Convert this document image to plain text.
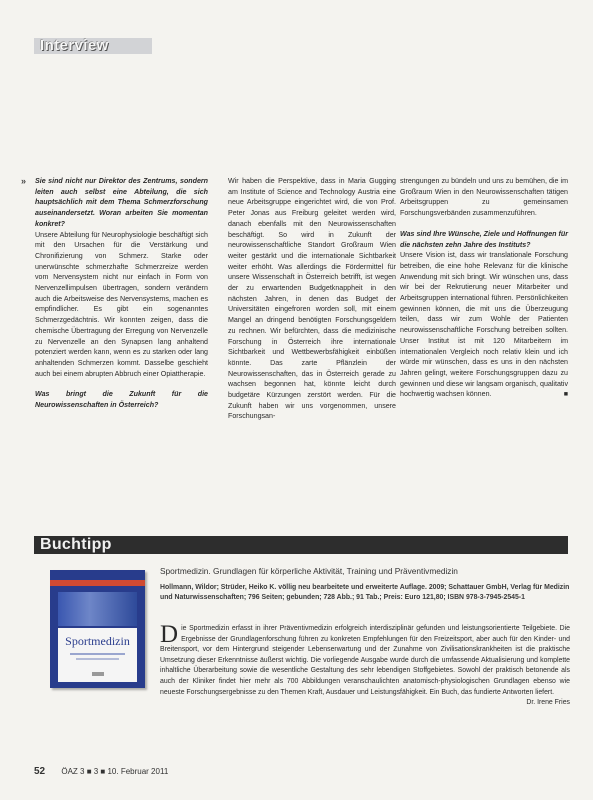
Interview
» Sie sind nicht nur Direktor des Zentrums, sondern leiten auch selbst eine Abteilung, die sich hauptsächlich mit dem Thema Schmerzforschung auseinandersetzt. Woran arbeiten Sie momentan konkret?

Unsere Abteilung für Neurophysiologie beschäftigt sich mit den Ursachen für die Verstärkung und Chronifizierung von Schmerz. Starke oder unerwünschte schmerzhafte Schmerzreize werden vom Nervensystem nicht nur einfach in Form von Nervenzellimpulsen übertragen, sondern verändern auch die Arbeitsweise des Nervensystems, machen es empfindlicher. Es gibt ein sogenanntes Schmerzgedächtnis. Wir konnten zeigen, dass die chemische Übertragung der Erregung von Nervenzelle zu Nervenzelle an den Synapsen lang anhaltend potenziert werden kann, wenn es zu starken oder lang anhaltenden Schmerzen kommt. Dasselbe geschieht auch bei einem abrupten Abbruch einer Opiattherapie.

Was bringt die Zukunft für die Neurowissenschaften in Österreich?

Wir haben die Perspektive, dass in Maria Gugging am Institute of Science and Technology Austria eine neue Arbeitsgruppe eingerichtet wird, die von Prof. Peter Jonas aus Freiburg geleitet werden wird, danach ebenfalls mit den Neurowissenschaften beschäftigt. So wird in Zukunft der neurowissenschaftliche Standort Großraum Wien weiter gestärkt und die internationale Sichtbarkeit weiter erhöht. Was allerdings die Fördermittel für unsere Wissenschaft in Österreich betrifft, ist wegen der zu erwartenden Budgetknappheit in den nächsten Jahren, in denen das Budget der Universitäten eingefroren worden soll, mit einem Mangel an dringend benötigten Forschungsgeldern zu rechnen. Wir befürchten, dass die medizinische Forschung in Österreich ihre internationale Sichtbarkeit und Wettbewerbsfähigkeit einbüßen könnte. Das zarte Pflänzlein der Neurowissenschaften, das in Österreich gerade zu wachsen begonnen hat, könnte leicht durch budgetäre Kürzungen zerstört werden. Für die Zukunft haben wir uns vorgenommen, unsere Forschungsan-

strengungen zu bündeln und uns zu bemühen, die im Großraum Wien in den Neurowissenschaften tätigen Arbeitsgruppen zu gemeinsamen Forschungsverbänden zusammenzuführen.

Was sind Ihre Wünsche, Ziele und Hoffnungen für die nächsten zehn Jahre des Instituts?

Unsere Vision ist, dass wir translationale Forschung betreiben, die eine hohe Relevanz für die klinische Anwendung mit sich bringt. Wir wünschen uns, dass wir bei der Rekrutierung neuer Mitarbeiter und Arbeitsgruppen international führen. Persönlichkeiten gewinnen können, die mit uns die Überzeugung teilen, dass wir zum Wohle der Patienten neurowissenschaftliche Forschung betreiben sollten. Unser Institut ist mit 120 Mitarbeitern im internationalen Vergleich noch relativ klein und ich würde mir wünschen, dass es uns in den nächsten Jahren gelingt, weitere Forschungsgruppen dazu zu gewinnen und diese wir langsam organisch, qualitativ hochwertig wachsen können.	■

Buchtipp
Sportmedizin
Sportmedizin. Grundlagen für körperliche Aktivität, Training und Präventivmedizin
Hollmann, Wildor; Strüder, Heiko K. völlig neu bearbeitete und erweiterte Auflage. 2009; Schattauer GmbH, Verlag für Medizin und Naturwissenschaften; 796 Seiten; gebunden; 728 Abb.; 91 Tab.; Preis: Euro 121,80; ISBN 978-3-7945-2545-1
D ie Sportmedizin erfasst in ihrer Präventivmedizin erfolgreich interdisziplinär gefunden und leistungsorientierte Teilgebiete. Die Ergebnisse der Grundlagenforschung führen zu konkreten Empfehlungen für den Freizeitsport, aber auch für den Kinder- und Breitensport, vor dem Hintergrund steigender Lebenserwartung und der Zunahme von Zivilisationskrankheiten ist die praktische Umsetzung dieser Erkenntnisse äußerst wichtig. Die vorliegende Ausgabe wurde durch die umfassende Aktualisierung und komplette inhaltliche Überarbeitung sowie die wesentliche Gestaltung des sehr lebendigen Stoffgebietes. Sowohl der praktisch betonende als auch der Kliniker findet hier mehr als 700 Abbildungen veranschaulichten anatomisch-physiologischen Grundlagen ebenso wie neueste Forschungsergebnisse zu den Themen Kraft, Ausdauer und Leistungsfähigkeit. Ein Buch, das fundierte Antworten liefert.
Dr. Irene Fries
52 ÖAZ 3 ■ 3 ■ 10. Februar 2011
